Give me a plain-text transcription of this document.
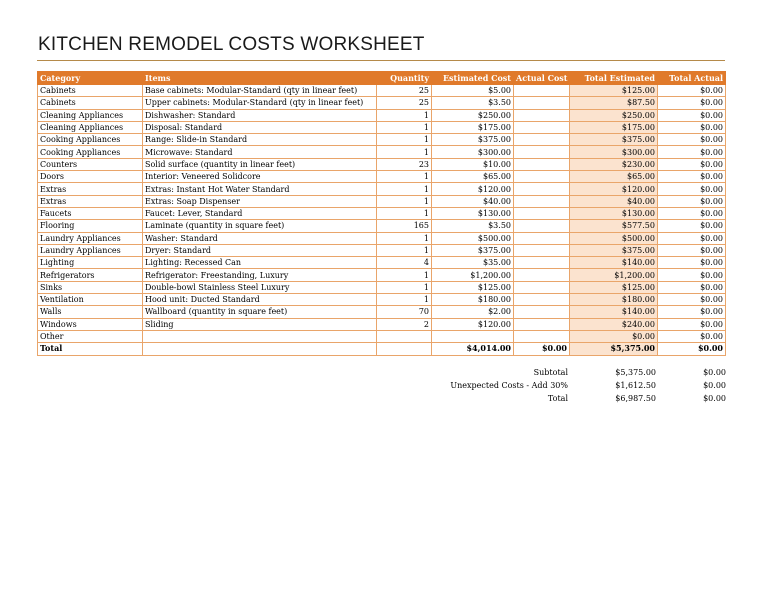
KITCHEN REMODEL COSTS WORKSHEET
Category	Items	Quantity	Estimated Cost	Actual Cost	Total Estimated	Total Actual
Cabinets	Base cabinets: Modular-Standard (qty in linear feet)	25	$5.00		$125.00	$0.00
Cabinets	Upper cabinets: Modular-Standard (qty in linear feet)	25	$3.50		$87.50	$0.00
Cleaning Appliances	Dishwasher: Standard	1	$250.00		$250.00	$0.00
Cleaning Appliances	Disposal: Standard	1	$175.00		$175.00	$0.00
Cooking Appliances	Range: Slide-in Standard	1	$375.00		$375.00	$0.00
Cooking Appliances	Microwave: Standard	1	$300.00		$300.00	$0.00
Counters	Solid surface (quantity in linear feet)	23	$10.00		$230.00	$0.00
Doors	Interior: Veneered Solidcore	1	$65.00		$65.00	$0.00
Extras	Extras: Instant Hot Water Standard	1	$120.00		$120.00	$0.00
Extras	Extras: Soap Dispenser	1	$40.00		$40.00	$0.00
Faucets	Faucet: Lever, Standard	1	$130.00		$130.00	$0.00
Flooring	Laminate (quantity in square feet)	165	$3.50		$577.50	$0.00
Laundry Appliances	Washer: Standard	1	$500.00		$500.00	$0.00
Laundry Appliances	Dryer: Standard	1	$375.00		$375.00	$0.00
Lighting	Lighting: Recessed Can	4	$35.00		$140.00	$0.00
Refrigerators	Refrigerator: Freestanding, Luxury	1	$1,200.00		$1,200.00	$0.00
Sinks	Double-bowl Stainless Steel Luxury	1	$125.00		$125.00	$0.00
Ventilation	Hood unit: Ducted Standard	1	$180.00		$180.00	$0.00
Walls	Wallboard (quantity in square feet)	70	$2.00		$140.00	$0.00
Windows	Sliding	2	$120.00		$240.00	$0.00
Other					$0.00	$0.00
Total			$4,014.00	$0.00	$5,375.00	$0.00
Subtotal	$5,375.00	$0.00
Unexpected Costs - Add 30%	$1,612.50	$0.00
Total	$6,987.50	$0.00
